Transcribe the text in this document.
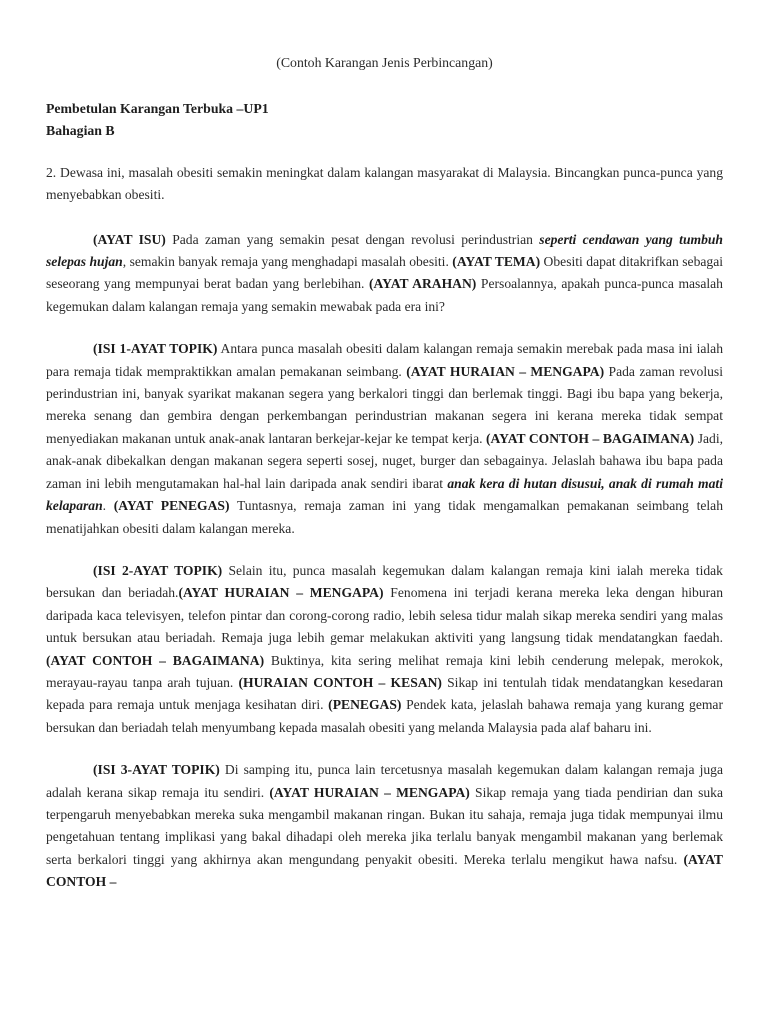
(Contoh Karangan Jenis Perbincangan)

Pembetulan Karangan Terbuka –UP1

Bahagian B

2. Dewasa ini, masalah obesiti semakin meningkat dalam kalangan masyarakat di Malaysia. Bincangkan punca-punca yang menyebabkan obesiti.

(AYAT ISU) Pada zaman yang semakin pesat dengan revolusi perindustrian seperti cendawan yang tumbuh selepas hujan, semakin banyak remaja yang menghadapi masalah obesiti. (AYAT TEMA) Obesiti dapat ditakrifkan sebagai seseorang yang mempunyai berat badan yang berlebihan. (AYAT ARAHAN) Persoalannya, apakah punca-punca masalah kegemukan dalam kalangan remaja yang semakin mewabak pada era ini?

(ISI 1-AYAT TOPIK) Antara punca masalah obesiti dalam kalangan remaja semakin merebak pada masa ini ialah para remaja tidak mempraktikkan amalan pemakanan seimbang. (AYAT HURAIAN – MENGAPA) Pada zaman revolusi perindustrian ini, banyak syarikat makanan segera yang berkalori tinggi dan berlemak tinggi. Bagi ibu bapa yang bekerja, mereka senang dan gembira dengan perkembangan perindustrian makanan segera ini kerana mereka tidak sempat menyediakan makanan untuk anak-anak lantaran berkejar-kejar ke tempat kerja. (AYAT CONTOH – BAGAIMANA) Jadi, anak-anak dibekalkan dengan makanan segera seperti sosej, nuget, burger dan sebagainya. Jelaslah bahawa ibu bapa pada zaman ini lebih mengutamakan hal-hal lain daripada anak sendiri ibarat anak kera di hutan disusui, anak di rumah mati kelaparan. (AYAT PENEGAS) Tuntasnya, remaja zaman ini yang tidak mengamalkan pemakanan seimbang telah menatijahkan obesiti dalam kalangan mereka.

(ISI 2-AYAT TOPIK) Selain itu, punca masalah kegemukan dalam kalangan remaja kini ialah mereka tidak bersukan dan beriadah.(AYAT HURAIAN – MENGAPA) Fenomena ini terjadi kerana mereka leka dengan hiburan daripada kaca televisyen, telefon pintar dan corong-corong radio, lebih selesa tidur malah sikap mereka sendiri yang malas untuk bersukan atau beriadah. Remaja juga lebih gemar melakukan aktiviti yang langsung tidak mendatangkan faedah. (AYAT CONTOH – BAGAIMANA) Buktinya, kita sering melihat remaja kini lebih cenderung melepak, merokok, merayau-rayau tanpa arah tujuan. (HURAIAN CONTOH – KESAN) Sikap ini tentulah tidak mendatangkan kesedaran kepada para remaja untuk menjaga kesihatan diri. (PENEGAS) Pendek kata, jelaslah bahawa remaja yang kurang gemar bersukan dan beriadah telah menyumbang kepada masalah obesiti yang melanda Malaysia pada alaf baharu ini.

(ISI 3-AYAT TOPIK) Di samping itu, punca lain tercetusnya masalah kegemukan dalam kalangan remaja juga adalah kerana sikap remaja itu sendiri. (AYAT HURAIAN – MENGAPA) Sikap remaja yang tiada pendirian dan suka terpengaruh menyebabkan mereka suka mengambil makanan ringan. Bukan itu sahaja, remaja juga tidak mempunyai ilmu pengetahuan tentang implikasi yang bakal dihadapi oleh mereka jika terlalu banyak mengambil makanan yang berlemak serta berkalori tinggi yang akhirnya akan mengundang penyakit obesiti. Mereka terlalu mengikut hawa nafsu. (AYAT CONTOH –
